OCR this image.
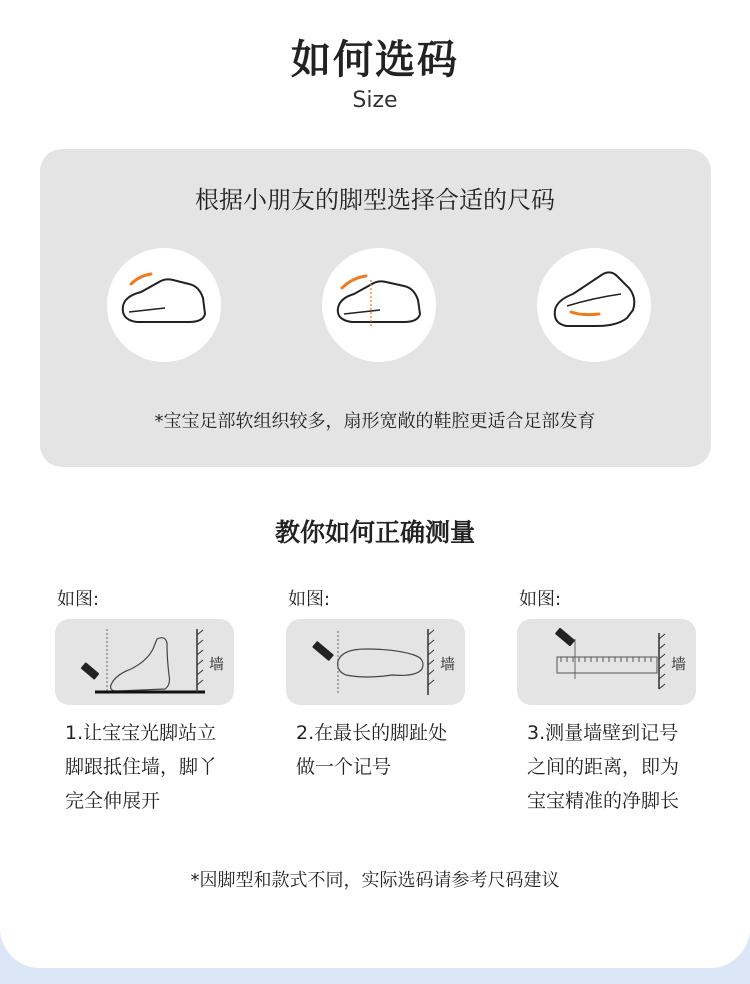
如何选码
Size
根据小朋友的脚型选择合适的尺码
*宝宝足部软组织较多，扇形宽敞的鞋腔更适合足部发育
教你如何正确测量
如图:
墙
1.让宝宝光脚站立
脚跟抵住墙，脚丫
完全伸展开
如图:
墙
2.在最长的脚趾处
做一个记号
如图:
墙
3.测量墙壁到记号
之间的距离，即为
宝宝精准的净脚长
*因脚型和款式不同，实际选码请参考尺码建议
